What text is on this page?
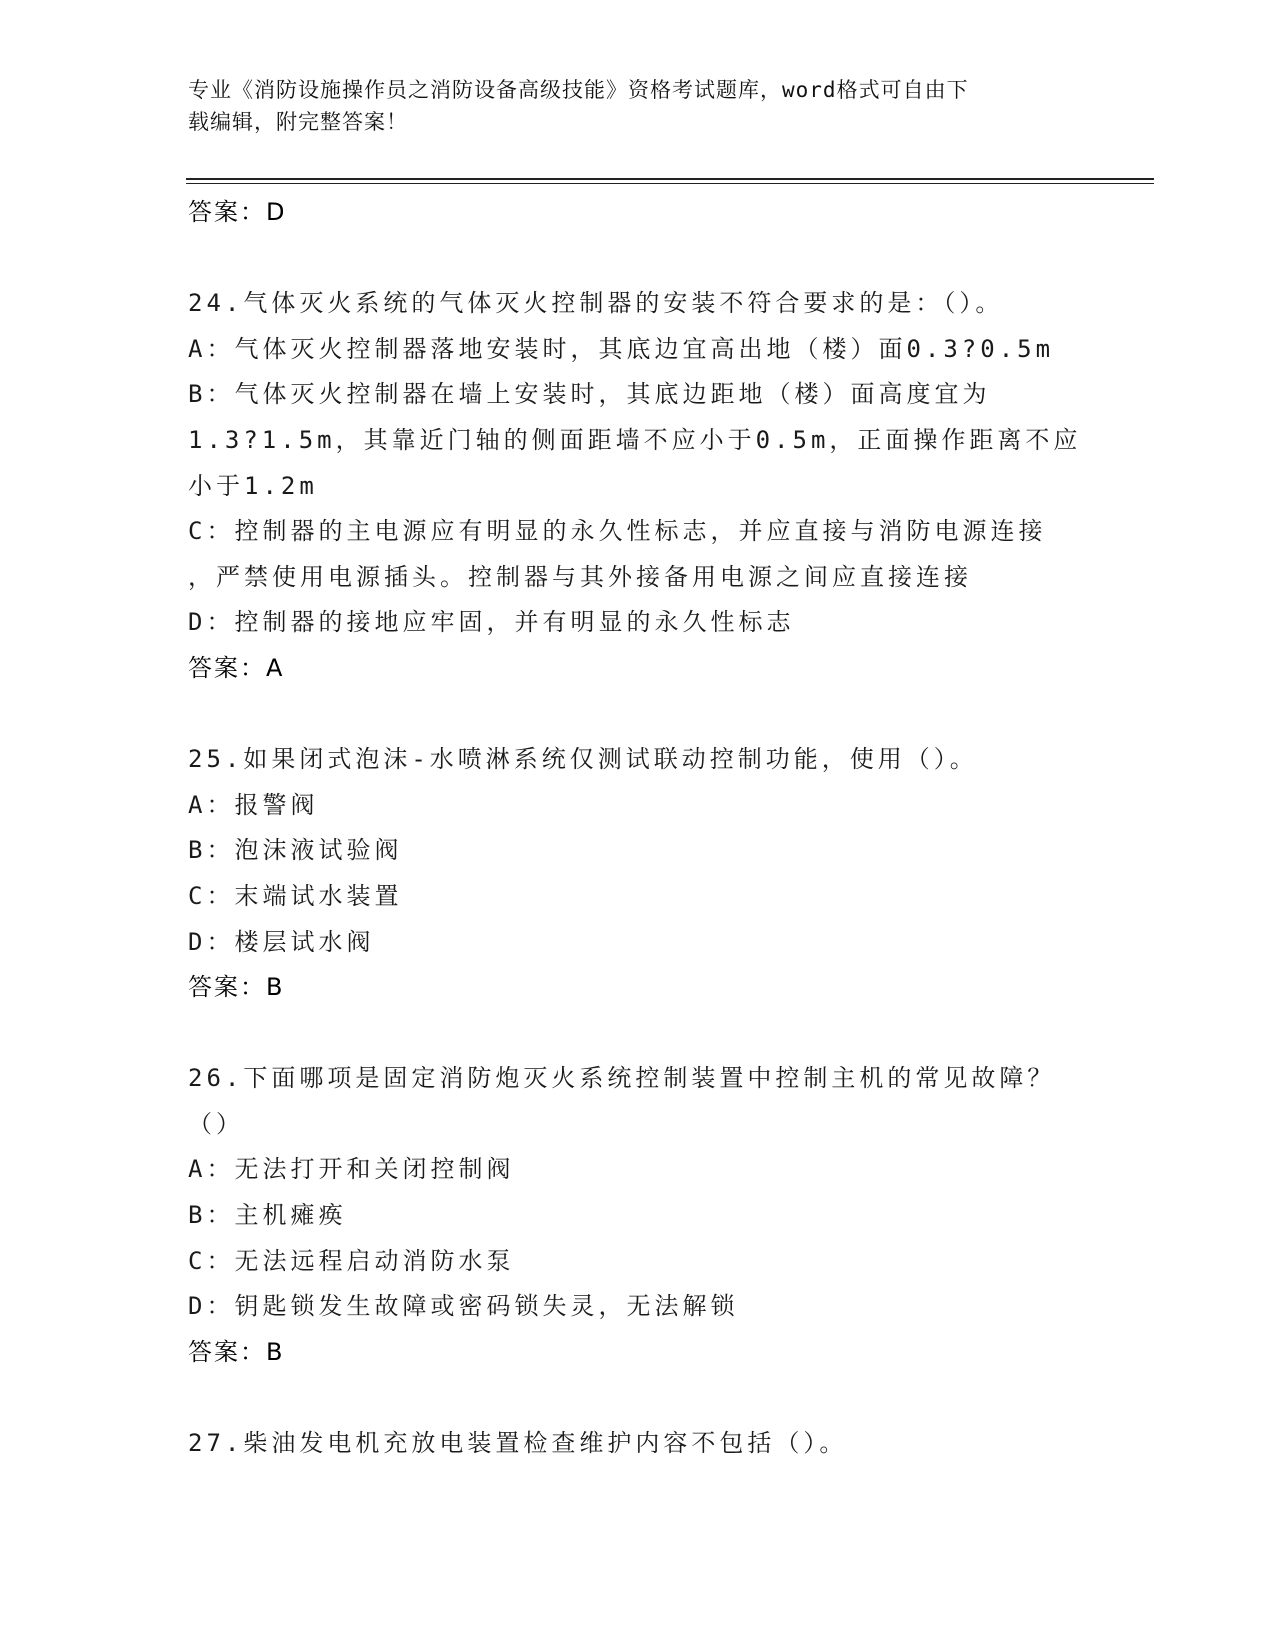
专业《消防设施操作员之消防设备高级技能》资格考试题库，word格式可自由下
载编辑，附完整答案！
答案：D
24.气体灭火系统的气体灭火控制器的安装不符合要求的是：（）。
A：气体灭火控制器落地安装时，其底边宜高出地（楼）面0.3?0.5m
B：气体灭火控制器在墙上安装时，其底边距地（楼）面高度宜为
1.3?1.5m，其靠近门轴的侧面距墙不应小于0.5m，正面操作距离不应
小于1.2m
C：控制器的主电源应有明显的永久性标志，并应直接与消防电源连接
，严禁使用电源插头。控制器与其外接备用电源之间应直接连接
D：控制器的接地应牢固，并有明显的永久性标志
答案：A
25.如果闭式泡沫-水喷淋系统仅测试联动控制功能，使用（）。
A：报警阀
B：泡沫液试验阀
C：末端试水装置
D：楼层试水阀
答案：B
26.下面哪项是固定消防炮灭火系统控制装置中控制主机的常见故障？
（）
A：无法打开和关闭控制阀
B：主机瘫痪
C：无法远程启动消防水泵
D：钥匙锁发生故障或密码锁失灵，无法解锁
答案：B
27.柴油发电机充放电装置检查维护内容不包括（）。
